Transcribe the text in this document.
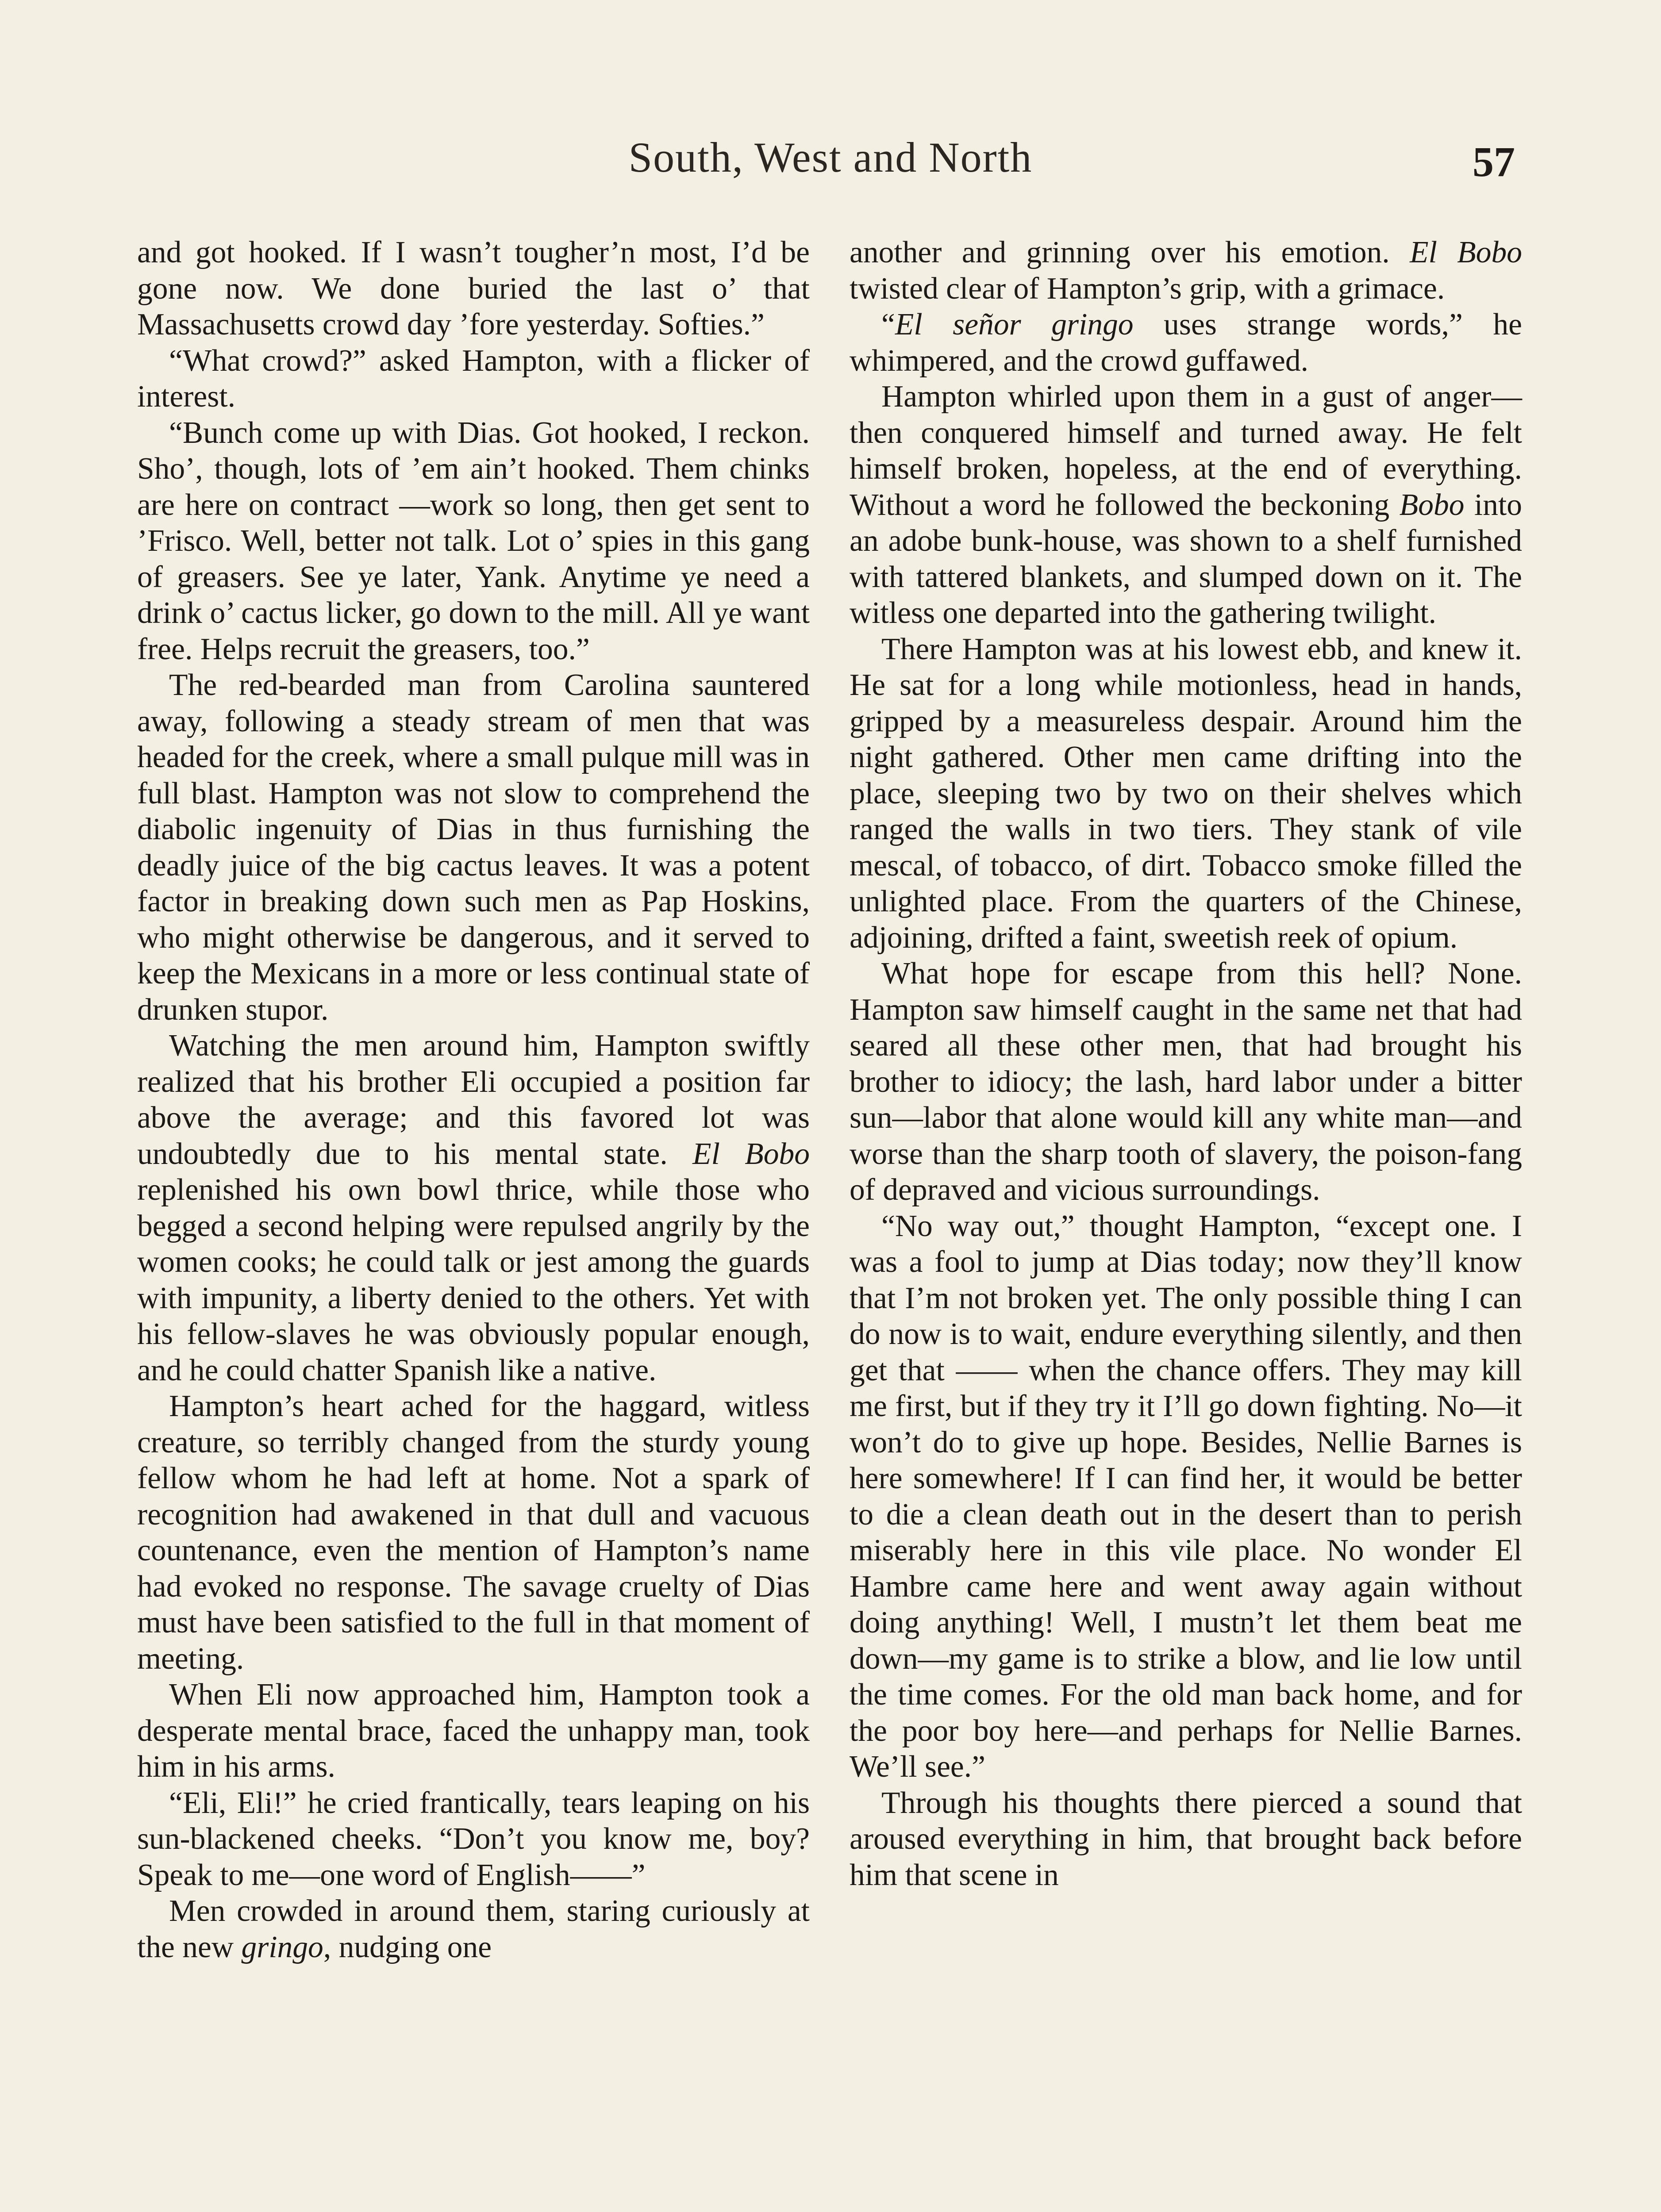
South, West and North	57

and got hooked. If I wasn’t tougher’n most, I’d be gone now. We done buried the last o’ that Massachusetts crowd day ’fore yesterday. Softies.”

“What crowd?” asked Hampton, with a flicker of interest.

“Bunch come up with Dias. Got hooked, I reckon. Sho’, though, lots of ’em ain’t hooked. Them chinks are here on contract —work so long, then get sent to ’Frisco. Well, better not talk. Lot o’ spies in this gang of greasers. See ye later, Yank. Anytime ye need a drink o’ cactus licker, go down to the mill. All ye want free. Helps recruit the greasers, too.”

The red-bearded man from Carolina sauntered away, following a steady stream of men that was headed for the creek, where a small pulque mill was in full blast. Hampton was not slow to comprehend the diabolic ingenuity of Dias in thus furnishing the deadly juice of the big cactus leaves. It was a potent factor in breaking down such men as Pap Hoskins, who might otherwise be dangerous, and it served to keep the Mexicans in a more or less continual state of drunken stupor.

Watching the men around him, Hampton swiftly realized that his brother Eli occupied a position far above the average; and this favored lot was undoubtedly due to his mental state. El Bobo replenished his own bowl thrice, while those who begged a second helping were repulsed angrily by the women cooks; he could talk or jest among the guards with impunity, a liberty denied to the others. Yet with his fellow-slaves he was obviously popular enough, and he could chatter Spanish like a native.

Hampton’s heart ached for the haggard, witless creature, so terribly changed from the sturdy young fellow whom he had left at home. Not a spark of recognition had awakened in that dull and vacuous countenance, even the mention of Hampton’s name had evoked no response. The savage cruelty of Dias must have been satisfied to the full in that moment of meeting.

When Eli now approached him, Hampton took a desperate mental brace, faced the unhappy man, took him in his arms.

“Eli, Eli!” he cried frantically, tears leaping on his sun-blackened cheeks. “Don’t you know me, boy? Speak to me—one word of English——”

Men crowded in around them, staring curiously at the new gringo, nudging one

another and grinning over his emotion. El Bobo twisted clear of Hampton’s grip, with a grimace.

“El señor gringo uses strange words,” he whimpered, and the crowd guffawed.

Hampton whirled upon them in a gust of anger—then conquered himself and turned away. He felt himself broken, hopeless, at the end of everything. Without a word he followed the beckoning Bobo into an adobe bunk-house, was shown to a shelf furnished with tattered blankets, and slumped down on it. The witless one departed into the gathering twilight.

There Hampton was at his lowest ebb, and knew it. He sat for a long while motionless, head in hands, gripped by a measureless despair. Around him the night gathered. Other men came drifting into the place, sleeping two by two on their shelves which ranged the walls in two tiers. They stank of vile mescal, of tobacco, of dirt. Tobacco smoke filled the unlighted place. From the quarters of the Chinese, adjoining, drifted a faint, sweetish reek of opium.

What hope for escape from this hell? None. Hampton saw himself caught in the same net that had seared all these other men, that had brought his brother to idiocy; the lash, hard labor under a bitter sun—labor that alone would kill any white man—and worse than the sharp tooth of slavery, the poison-fang of depraved and vicious surroundings.

“No way out,” thought Hampton, “except one. I was a fool to jump at Dias today; now they’ll know that I’m not broken yet. The only possible thing I can do now is to wait, endure everything silently, and then get that —— when the chance offers. They may kill me first, but if they try it I’ll go down fighting. No—it won’t do to give up hope. Besides, Nellie Barnes is here somewhere! If I can find her, it would be better to die a clean death out in the desert than to perish miserably here in this vile place. No wonder El Hambre came here and went away again without doing anything! Well, I mustn’t let them beat me down—my game is to strike a blow, and lie low until the time comes. For the old man back home, and for the poor boy here—and perhaps for Nellie Barnes. We’ll see.”

Through his thoughts there pierced a sound that aroused everything in him, that brought back before him that scene in
